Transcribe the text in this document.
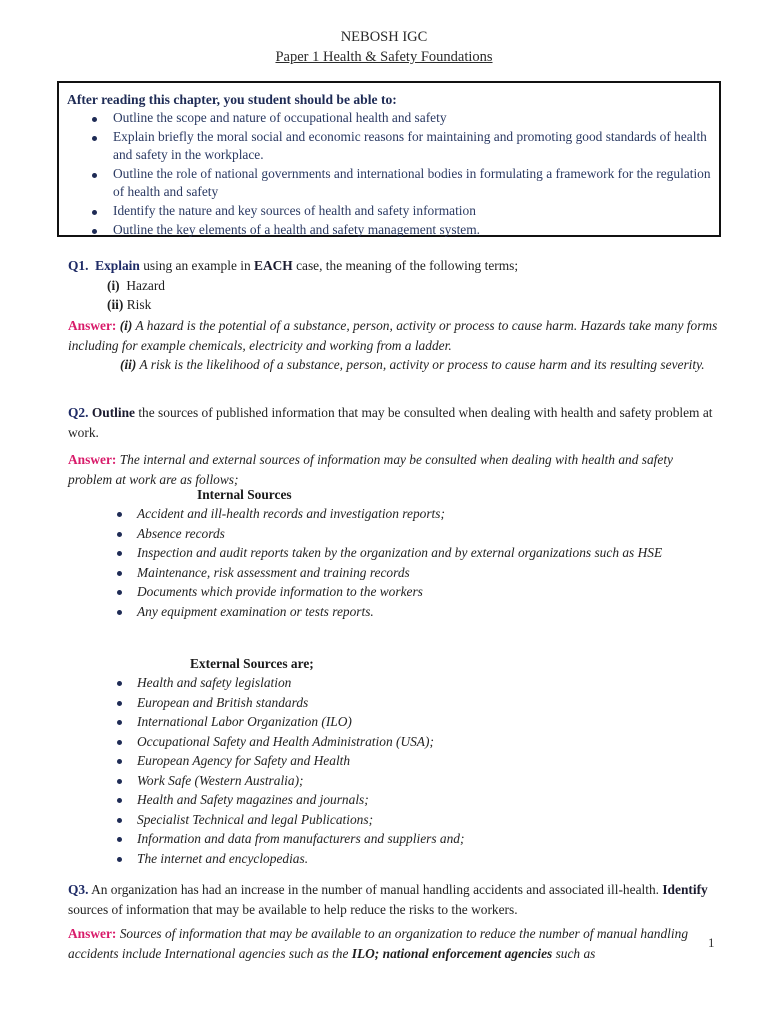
NEBOSH IGC
Paper 1 Health & Safety Foundations
After reading this chapter, you student should be able to:
Outline the scope and nature of occupational health and safety
Explain briefly the moral social and economic reasons for maintaining and promoting good standards of health and safety in the workplace.
Outline the role of national governments and international bodies in formulating a framework for the regulation of health and safety
Identify the nature and key sources of health and safety information
Outline the key elements of a health and safety management system.
Q1. Explain using an example in EACH case, the meaning of the following terms;
(i) Hazard
(ii) Risk
Answer: (i) A hazard is the potential of a substance, person, activity or process to cause harm. Hazards take many forms including for example chemicals, electricity and working from a ladder.
(ii) A risk is the likelihood of a substance, person, activity or process to cause harm and its resulting severity.
Q2. Outline the sources of published information that may be consulted when dealing with health and safety problem at work.
Answer: The internal and external sources of information may be consulted when dealing with health and safety problem at work are as follows;
Internal Sources
Accident and ill-health records and investigation reports;
Absence records
Inspection and audit reports taken by the organization and by external organizations such as HSE
Maintenance, risk assessment and training records
Documents which provide information to the workers
Any equipment examination or tests reports.
External Sources are;
Health and safety legislation
European and British standards
International Labor Organization (ILO)
Occupational Safety and Health Administration (USA);
European Agency for Safety and Health
Work Safe (Western Australia);
Health and Safety magazines and journals;
Specialist Technical and legal Publications;
Information and data from manufacturers and suppliers and;
The internet and encyclopedias.
Q3. An organization has had an increase in the number of manual handling accidents and associated ill-health. Identify sources of information that may be available to help reduce the risks to the workers.
Answer: Sources of information that may be available to an organization to reduce the number of manual handling accidents include International agencies such as the ILO; national enforcement agencies such as
1
